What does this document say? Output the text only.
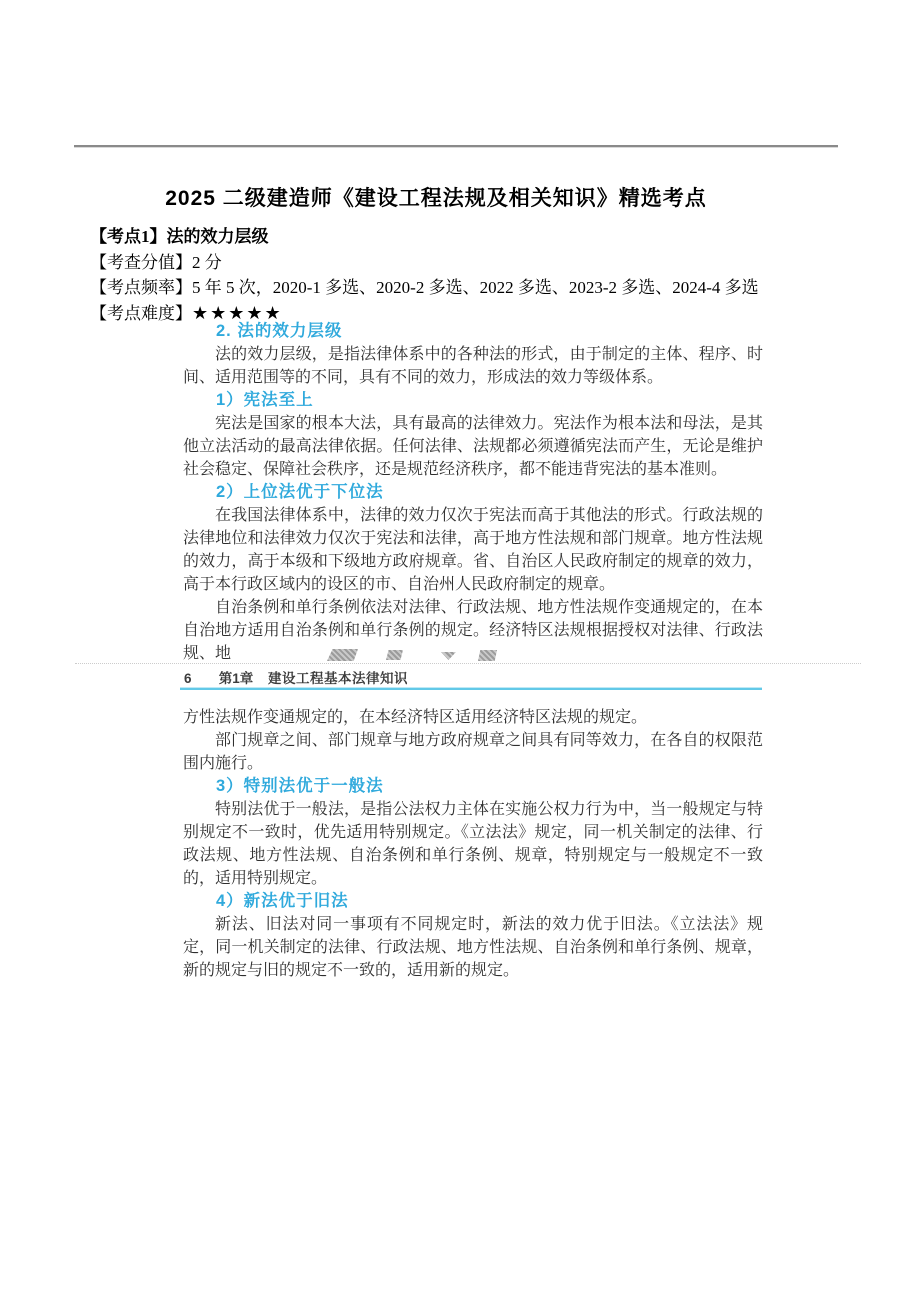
2025 二级建造师《建设工程法规及相关知识》精选考点

【考点1】法的效力层级

【考查分值】2 分

【考点频率】5 年 5 次，2020-1 多选、2020-2 多选、2022 多选、2023-2 多选、2024-4 多选

【考点难度】★★★★★

2. 法的效力层级

法的效力层级，是指法律体系中的各种法的形式，由于制定的主体、程序、时间、适用范围等的不同，具有不同的效力，形成法的效力等级体系。

1）宪法至上

宪法是国家的根本大法，具有最高的法律效力。宪法作为根本法和母法，是其他立法活动的最高法律依据。任何法律、法规都必须遵循宪法而产生，无论是维护社会稳定、保障社会秩序，还是规范经济秩序，都不能违背宪法的基本准则。

2）上位法优于下位法

在我国法律体系中，法律的效力仅次于宪法而高于其他法的形式。行政法规的法律地位和法律效力仅次于宪法和法律，高于地方性法规和部门规章。地方性法规的效力，高于本级和下级地方政府规章。省、自治区人民政府制定的规章的效力，高于本行政区域内的设区的市、自治州人民政府制定的规章。

自治条例和单行条例依法对法律、行政法规、地方性法规作变通规定的，在本自治地方适用自治条例和单行条例的规定。经济特区法规根据授权对法律、行政法规、地

6 第1章 建设工程基本法律知识

方性法规作变通规定的，在本经济特区适用经济特区法规的规定。

部门规章之间、部门规章与地方政府规章之间具有同等效力，在各自的权限范围内施行。

3）特别法优于一般法

特别法优于一般法，是指公法权力主体在实施公权力行为中，当一般规定与特别规定不一致时，优先适用特别规定。《立法法》规定，同一机关制定的法律、行政法规、地方性法规、自治条例和单行条例、规章，特别规定与一般规定不一致的，适用特别规定。

4）新法优于旧法

新法、旧法对同一事项有不同规定时，新法的效力优于旧法。《立法法》规定，同一机关制定的法律、行政法规、地方性法规、自治条例和单行条例、规章，新的规定与旧的规定不一致的，适用新的规定。
